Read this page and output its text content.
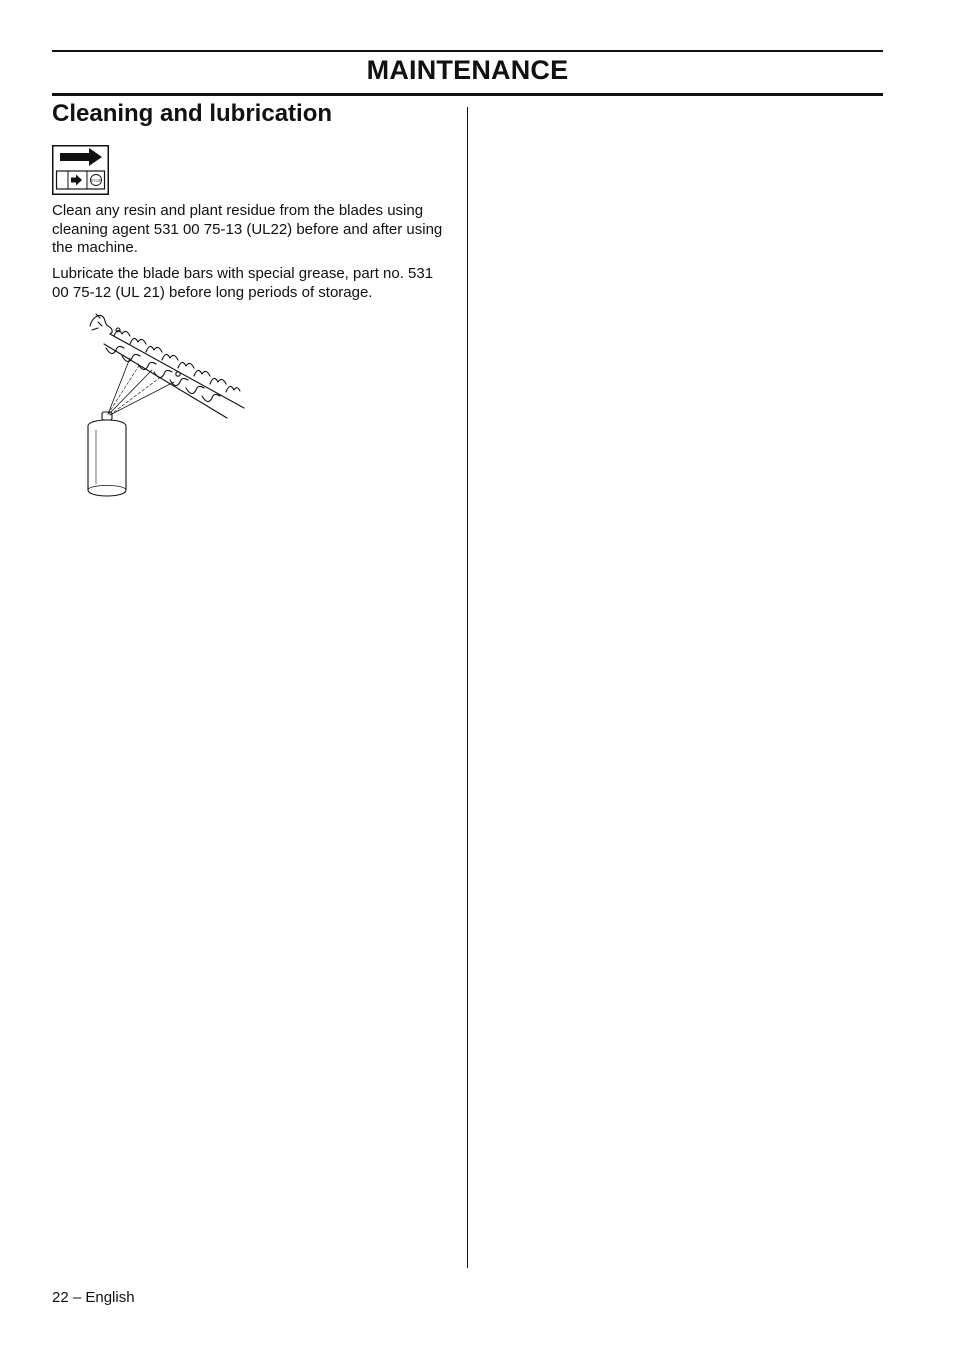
MAINTENANCE
Cleaning and lubrication
STOP

Clean any resin and plant residue from the blades using cleaning agent 531 00 75-13 (UL22) before and after using the machine.

Lubricate the blade bars with special grease, part no. 531 00 75-12 (UL 21) before long periods of storage.

22 – English
